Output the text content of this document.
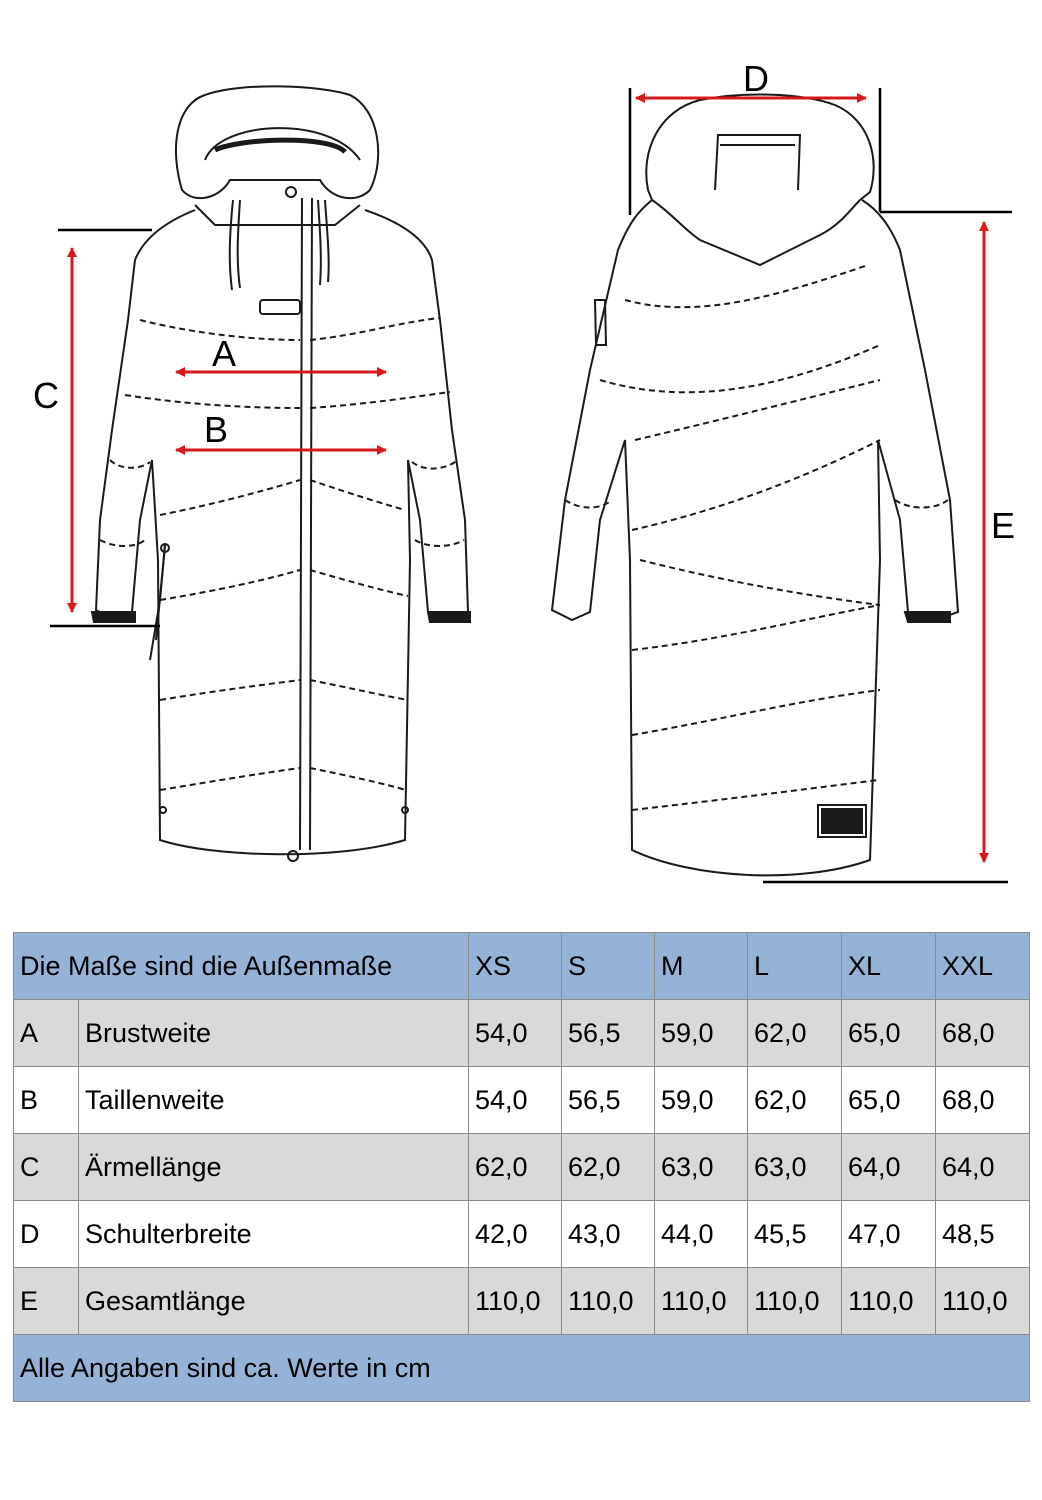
A
B
C
D
E
Die Maße sind die Außenmaße		XS	S	M	L	XL	XXL
A	Brustweite	54,0	56,5	59,0	62,0	65,0	68,0
B	Taillenweite	54,0	56,5	59,0	62,0	65,0	68,0
C	Ärmellänge	62,0	62,0	63,0	63,0	64,0	64,0
D	Schulterbreite	42,0	43,0	44,0	45,5	47,0	48,5
E	Gesamtlänge	110,0	110,0	110,0	110,0	110,0	110,0
Alle Angaben sind ca. Werte in cm							
